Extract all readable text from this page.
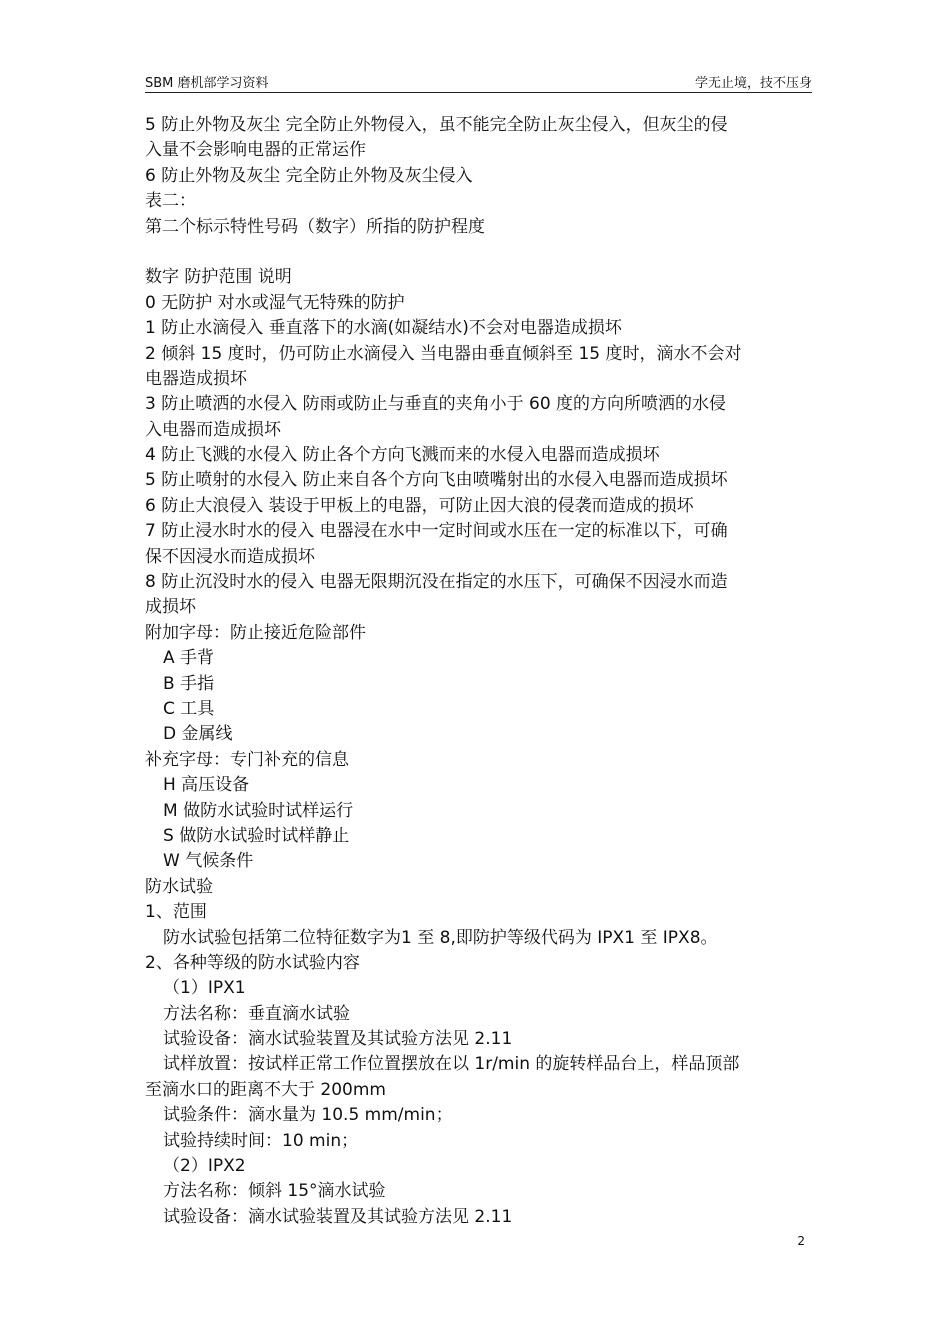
SBM 磨机部学习资料	学无止境，技不压身
5 防止外物及灰尘 完全防止外物侵入，虽不能完全防止灰尘侵入，但灰尘的侵
入量不会影响电器的正常运作
6 防止外物及灰尘 完全防止外物及灰尘侵入
表二：
第二个标示特性号码（数字）所指的防护程度
数字 防护范围 说明
0 无防护 对水或湿气无特殊的防护
1 防止水滴侵入 垂直落下的水滴(如凝结水)不会对电器造成损坏
2 倾斜 15 度时，仍可防止水滴侵入 当电器由垂直倾斜至 15 度时，滴水不会对
电器造成损坏
3 防止喷洒的水侵入 防雨或防止与垂直的夹角小于 60 度的方向所喷洒的水侵
入电器而造成损坏
4 防止飞溅的水侵入 防止各个方向飞溅而来的水侵入电器而造成损坏
5 防止喷射的水侵入 防止来自各个方向飞由喷嘴射出的水侵入电器而造成损坏
6 防止大浪侵入 装设于甲板上的电器，可防止因大浪的侵袭而造成的损坏
7 防止浸水时水的侵入 电器浸在水中一定时间或水压在一定的标准以下，可确
保不因浸水而造成损坏
8 防止沉没时水的侵入 电器无限期沉没在指定的水压下，可确保不因浸水而造
成损坏
附加字母：防止接近危险部件
A 手背
B 手指
C 工具
D 金属线
补充字母：专门补充的信息
H 高压设备
M 做防水试验时试样运行
S 做防水试验时试样静止
W 气候条件
防水试验
1、范围
防水试验包括第二位特征数字为1 至 8,即防护等级代码为 IPX1 至 IPX8。
2、各种等级的防水试验内容
（1）IPX1
方法名称：垂直滴水试验
试验设备：滴水试验装置及其试验方法见 2.11
试样放置：按试样正常工作位置摆放在以 1r/min 的旋转样品台上，样品顶部
至滴水口的距离不大于 200mm
试验条件：滴水量为 10.5 mm/min；
试验持续时间：10 min；
（2）IPX2
方法名称：倾斜 15°滴水试验
试验设备：滴水试验装置及其试验方法见 2.11
2
